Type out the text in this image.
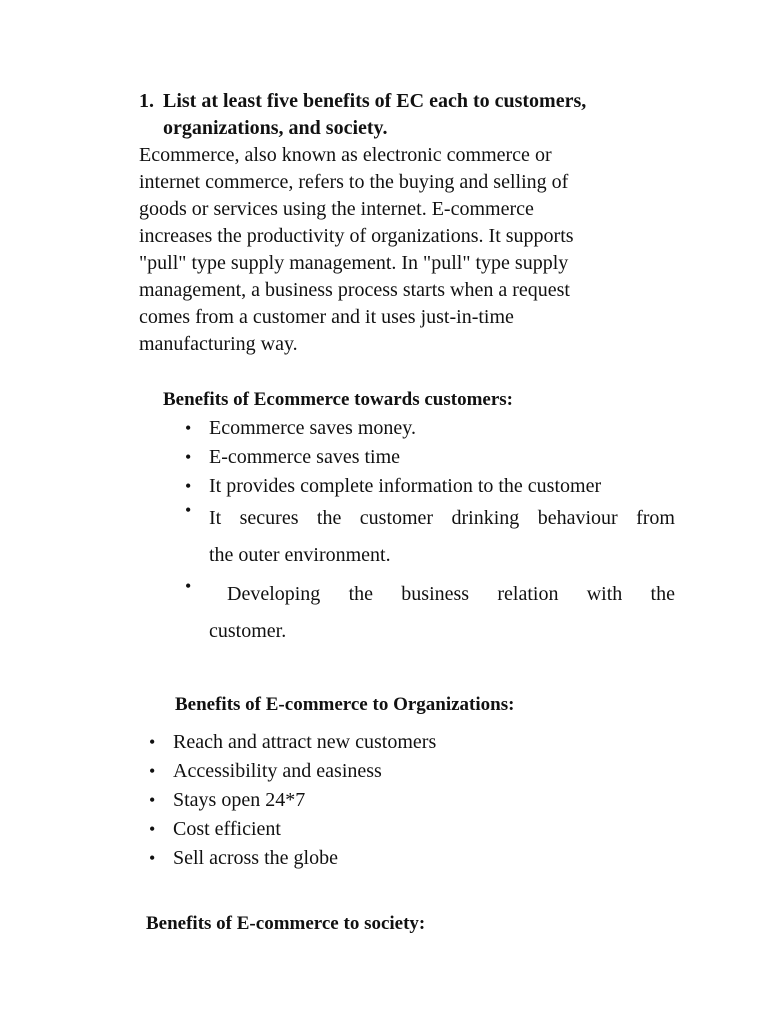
1. List at least five benefits of EC each to customers,
organizations, and society.
Ecommerce, also known as electronic commerce or
internet commerce, refers to the buying and selling of
goods or services using the internet. E-commerce
increases the productivity of organizations. It supports
"pull" type supply management. In "pull" type supply
management, a business process starts when a request
comes from a customer and it uses just-in-time
manufacturing way.
Benefits of Ecommerce towards customers:
• Ecommerce saves money.
• E-commerce saves time
• It provides complete information to the customer
• It secures the customer drinking behaviour from
the outer environment.
•	Developing the business relation with the
customer.
Benefits of E-commerce to Organizations:
• Reach and attract new customers
• Accessibility and easiness
• Stays open 24*7
• Cost efficient
• Sell across the globe
Benefits of E-commerce to society:
